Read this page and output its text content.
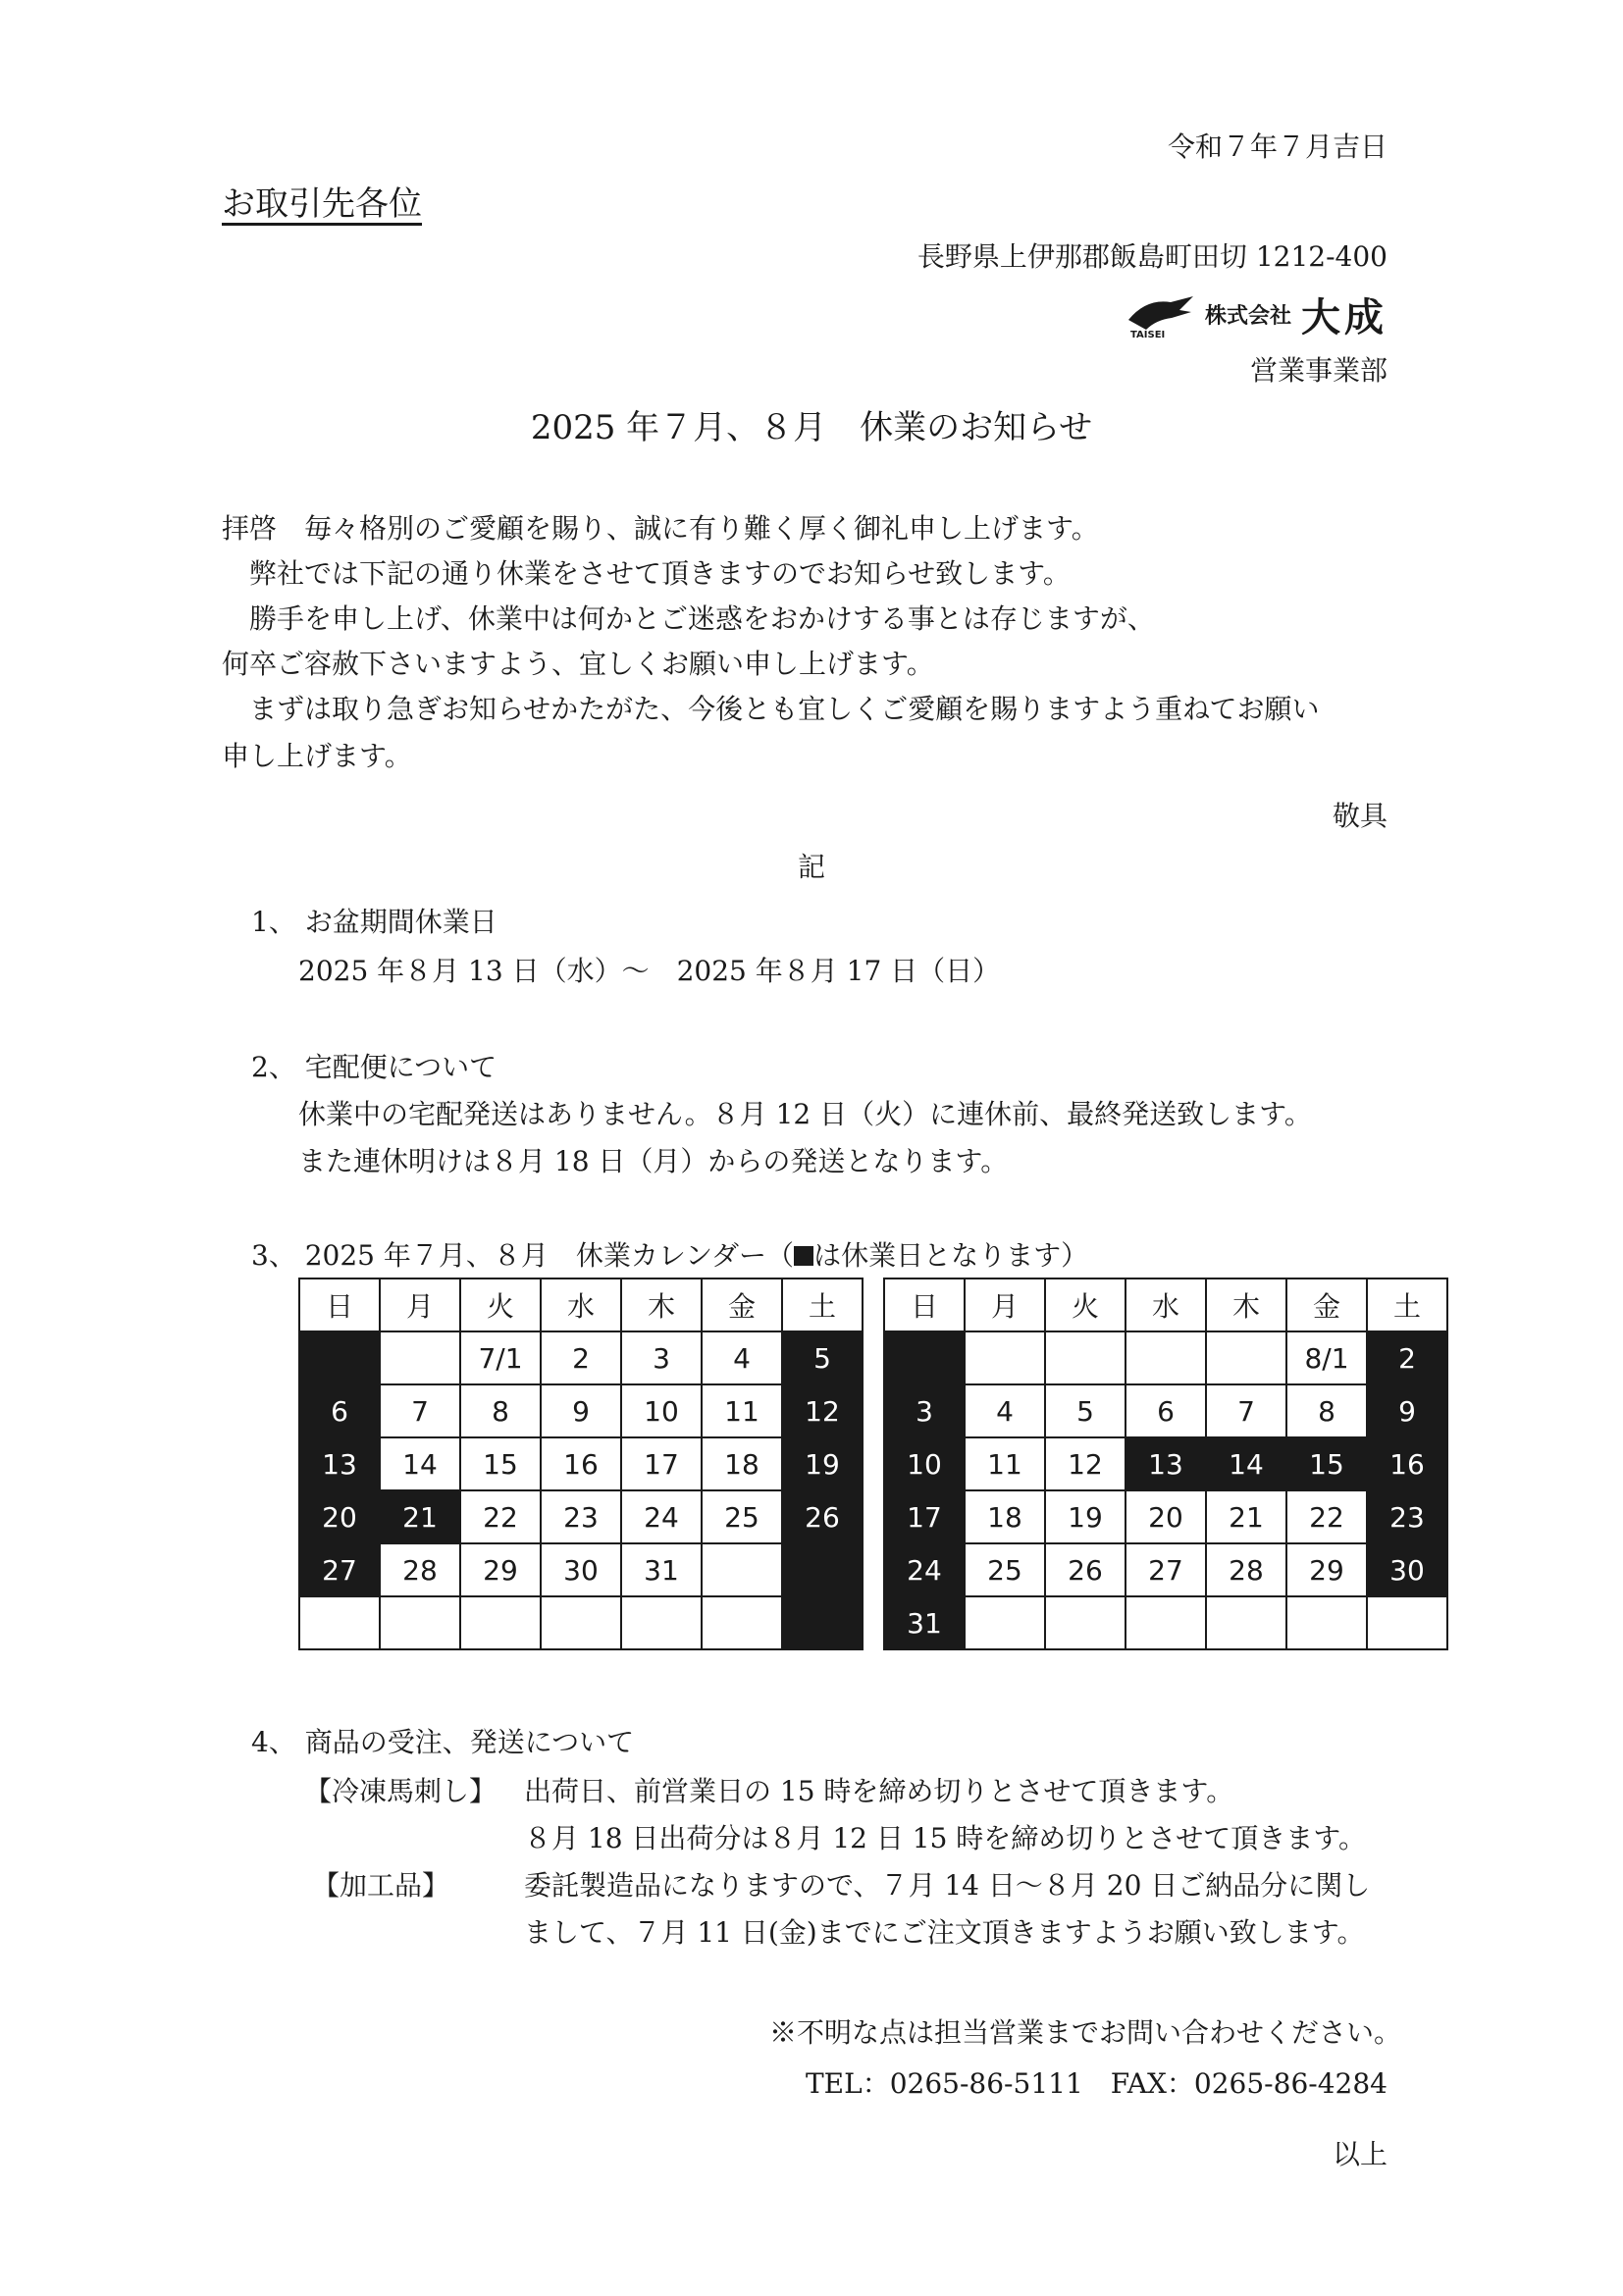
令和７年７月吉日
お取引先各位
長野県上伊那郡飯島町田切 1212-400
TAISEI
株式会社 大成
営業事業部
2025 年７月、８月　休業のお知らせ
拝啓　毎々格別のご愛顧を賜り、誠に有り難く厚く御礼申し上げます。
　弊社では下記の通り休業をさせて頂きますのでお知らせ致します。
　勝手を申し上げ、休業中は何かとご迷惑をおかけする事とは存じますが、
何卒ご容赦下さいますよう、宜しくお願い申し上げます。
　まずは取り急ぎお知らせかたがた、今後とも宜しくご愛顧を賜りますよう重ねてお願い
申し上げます。
敬具
記
1、 お盆期間休業日
2025 年８月 13 日（水）～　2025 年８月 17 日（日）
2、 宅配便について
休業中の宅配発送はありません。８月 12 日（火）に連休前、最終発送致します。
また連休明けは８月 18 日（月）からの発送となります。
3、 2025 年７月、８月　休業カレンダー（ は休業日となります）
日	月	火	水	木	金	土
		7/1	2	3	4	5
6	7	8	9	10	11	12
13	14	15	16	17	18	19
20	21	22	23	24	25	26
27	28	29	30	31		

日	月	火	水	木	金	土
					8/1	2
3	4	5	6	7	8	9
10	11	12	13	14	15	16
17	18	19	20	21	22	23
24	25	26	27	28	29	30
31						
4、 商品の受注、発送について
【冷凍馬刺し】 出荷日、前営業日の 15 時を締め切りとさせて頂きます。
８月 18 日出荷分は８月 12 日 15 時を締め切りとさせて頂きます。
【加工品】	委託製造品になりますので、７月 14 日～８月 20 日ご納品分に関し
まして、７月 11 日(金)までにご注文頂きますようお願い致します。
※不明な点は担当営業までお問い合わせください。
TEL：0265-86-5111　FAX：0265-86-4284
以上
